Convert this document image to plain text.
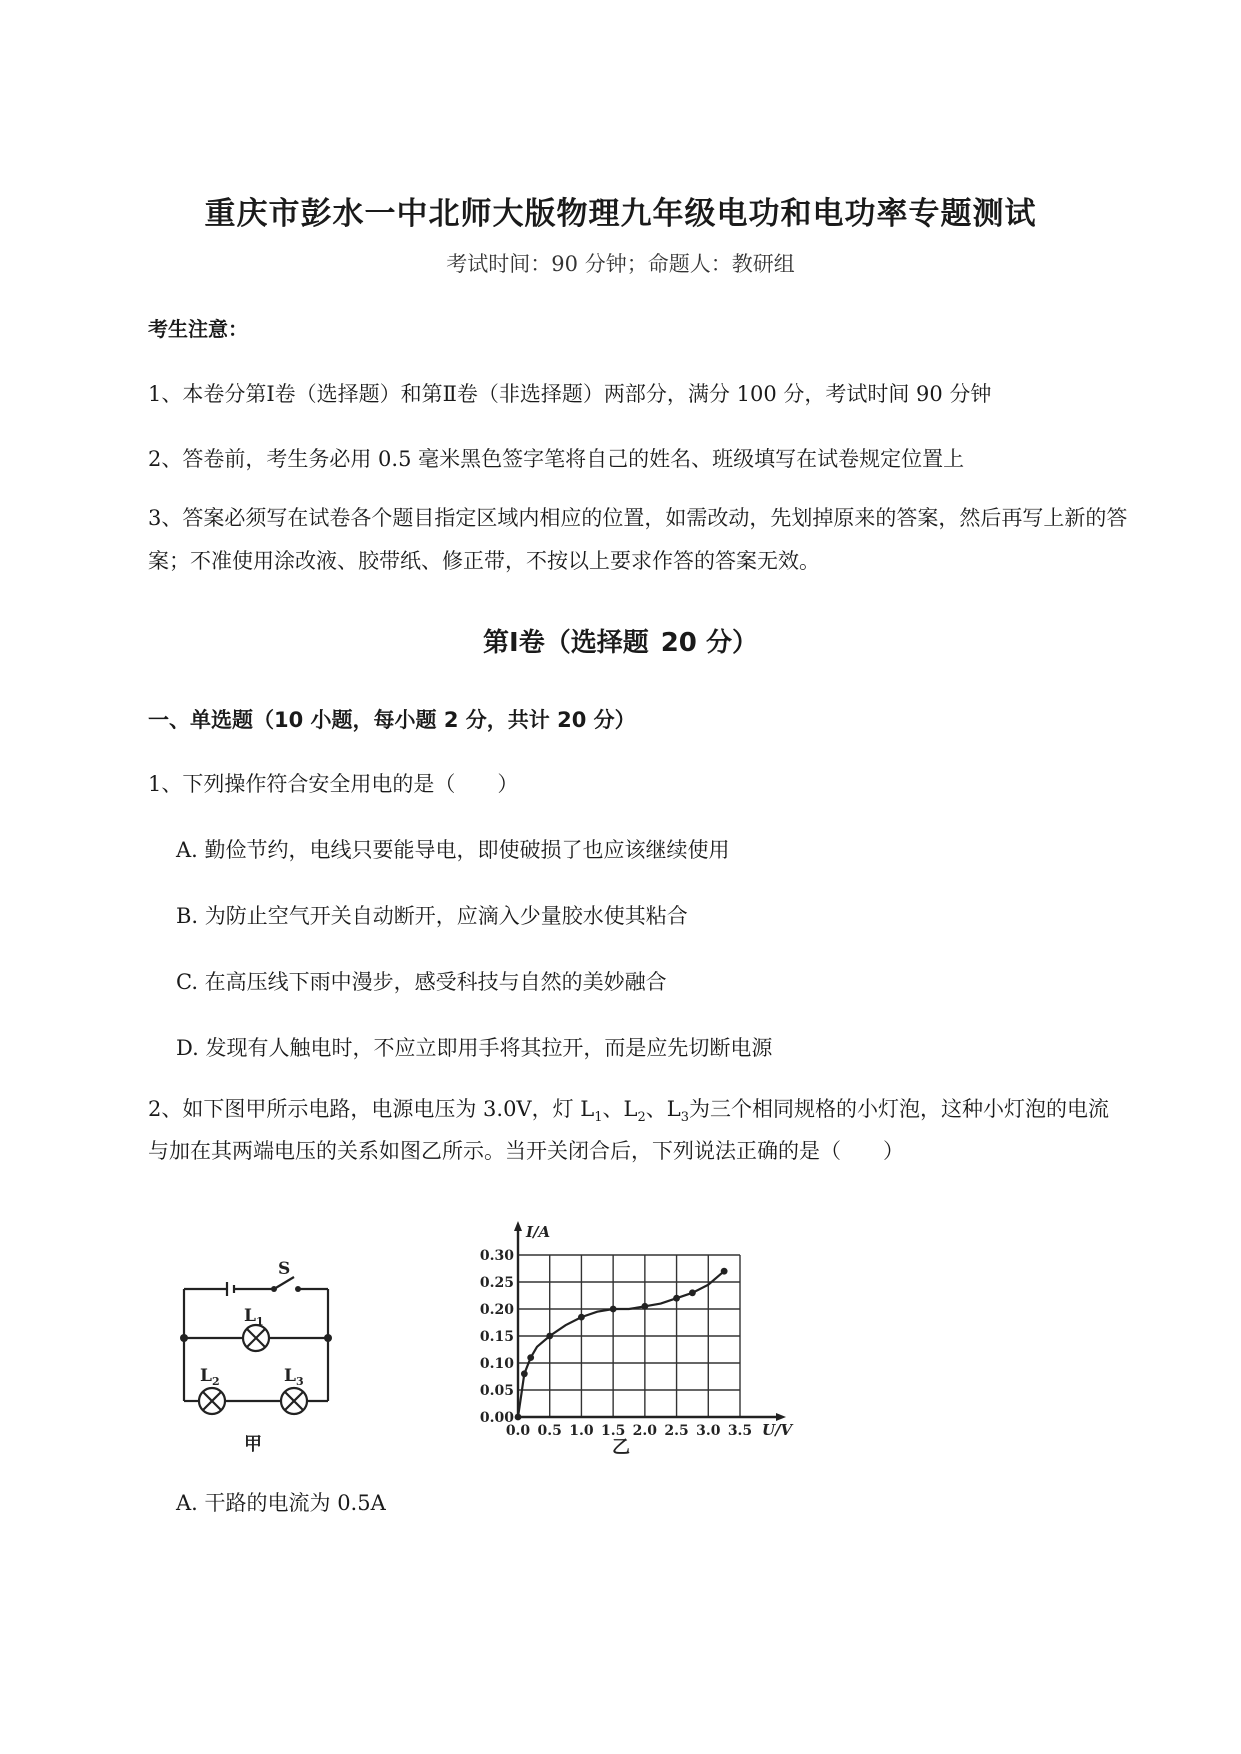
重庆市彭水一中北师大版物理九年级电功和电功率专题测试
考试时间：90 分钟；命题人：教研组
考生注意：
1、本卷分第Ⅰ卷（选择题）和第Ⅱ卷（非选择题）两部分，满分 100 分，考试时间 90 分钟
2、答卷前，考生务必用 0.5 毫米黑色签字笔将自己的姓名、班级填写在试卷规定位置上
3、答案必须写在试卷各个题目指定区域内相应的位置，如需改动，先划掉原来的答案，然后再写上新的答案；不准使用涂改液、胶带纸、修正带，不按以上要求作答的答案无效。
第Ⅰ卷（选择题 20 分）
一、单选题（10 小题，每小题 2 分，共计 20 分）
1、下列操作符合安全用电的是（　　）
A. 勤俭节约，电线只要能导电，即使破损了也应该继续使用
B. 为防止空气开关自动断开，应滴入少量胶水使其粘合
C. 在高压线下雨中漫步，感受科技与自然的美妙融合
D. 发现有人触电时，不应立即用手将其拉开，而是应先切断电源
2、如下图甲所示电路，电源电压为 3.0V，灯 $L_1$、$L_2$、$L_3$为三个相同规格的小灯泡，这种小灯泡的电流
与加在其两端电压的关系如图乙所示。当开关闭合后，下列说法正确的是（　　）
S
$L_1$
$L_2$	$L_3$
甲
0.0 0.5 1.0 1.5 2.0 2.5 3.0 3.5
0.00
0.05
0.10
0.15
0.20
0.25
0.30
I/A
U/V
乙
A. 干路的电流为 0.5A
